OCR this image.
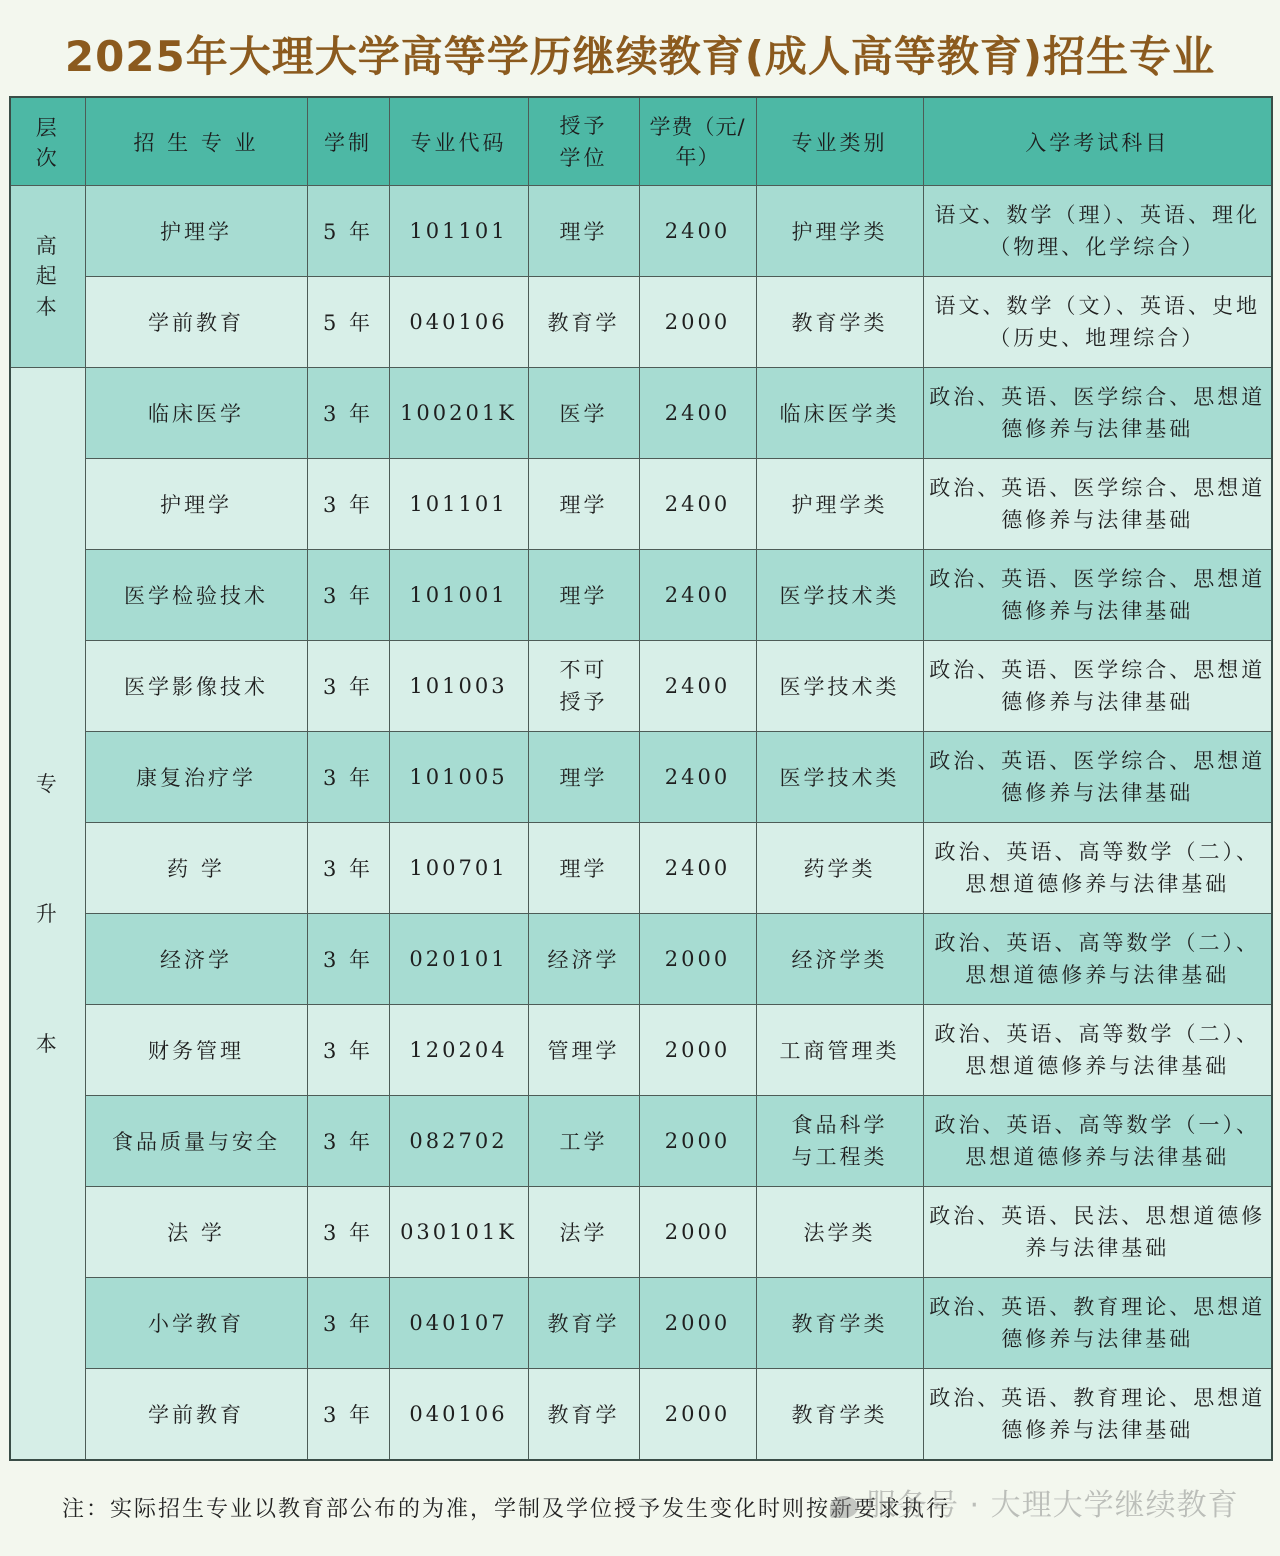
2025年大理大学高等学历继续教育(成人高等教育)招生专业
层次	招 生 专 业	学制	专业代码	授予学位	学费（元/年）	专业类别	入学考试科目
高起本	护理学	5 年	101101	理学	2400	护理学类	语文、数学（理）、英语、理化（物理、化学综合）
	学前教育	5 年	040106	教育学	2000	教育学类	语文、数学（文）、英语、史地（历史、地理综合）
专升本	临床医学	3 年	100201K	医学	2400	临床医学类	政治、英语、医学综合、思想道德修养与法律基础
	护理学	3 年	101101	理学	2400	护理学类	政治、英语、医学综合、思想道德修养与法律基础
	医学检验技术	3 年	101001	理学	2400	医学技术类	政治、英语、医学综合、思想道德修养与法律基础
	医学影像技术	3 年	101003	不可授予	2400	医学技术类	政治、英语、医学综合、思想道德修养与法律基础
	康复治疗学	3 年	101005	理学	2400	医学技术类	政治、英语、医学综合、思想道德修养与法律基础
	药 学	3 年	100701	理学	2400	药学类	政治、英语、高等数学（二）、思想道德修养与法律基础
	经济学	3 年	020101	经济学	2000	经济学类	政治、英语、高等数学（二）、思想道德修养与法律基础
	财务管理	3 年	120204	管理学	2000	工商管理类	政治、英语、高等数学（二）、思想道德修养与法律基础
	食品质量与安全	3 年	082702	工学	2000	食品科学与工程类	政治、英语、高等数学（一）、思想道德修养与法律基础
	法 学	3 年	030101K	法学	2000	法学类	政治、英语、民法、思想道德修养与法律基础
	小学教育	3 年	040107	教育学	2000	教育学类	政治、英语、教育理论、思想道德修养与法律基础
	学前教育	3 年	040106	教育学	2000	教育学类	政治、英语、教育理论、思想道德修养与法律基础
注：实际招生专业以教育部公布的为准，学制及学位授予发生变化时则按新要求执行
服务号 · 大理大学继续教育
